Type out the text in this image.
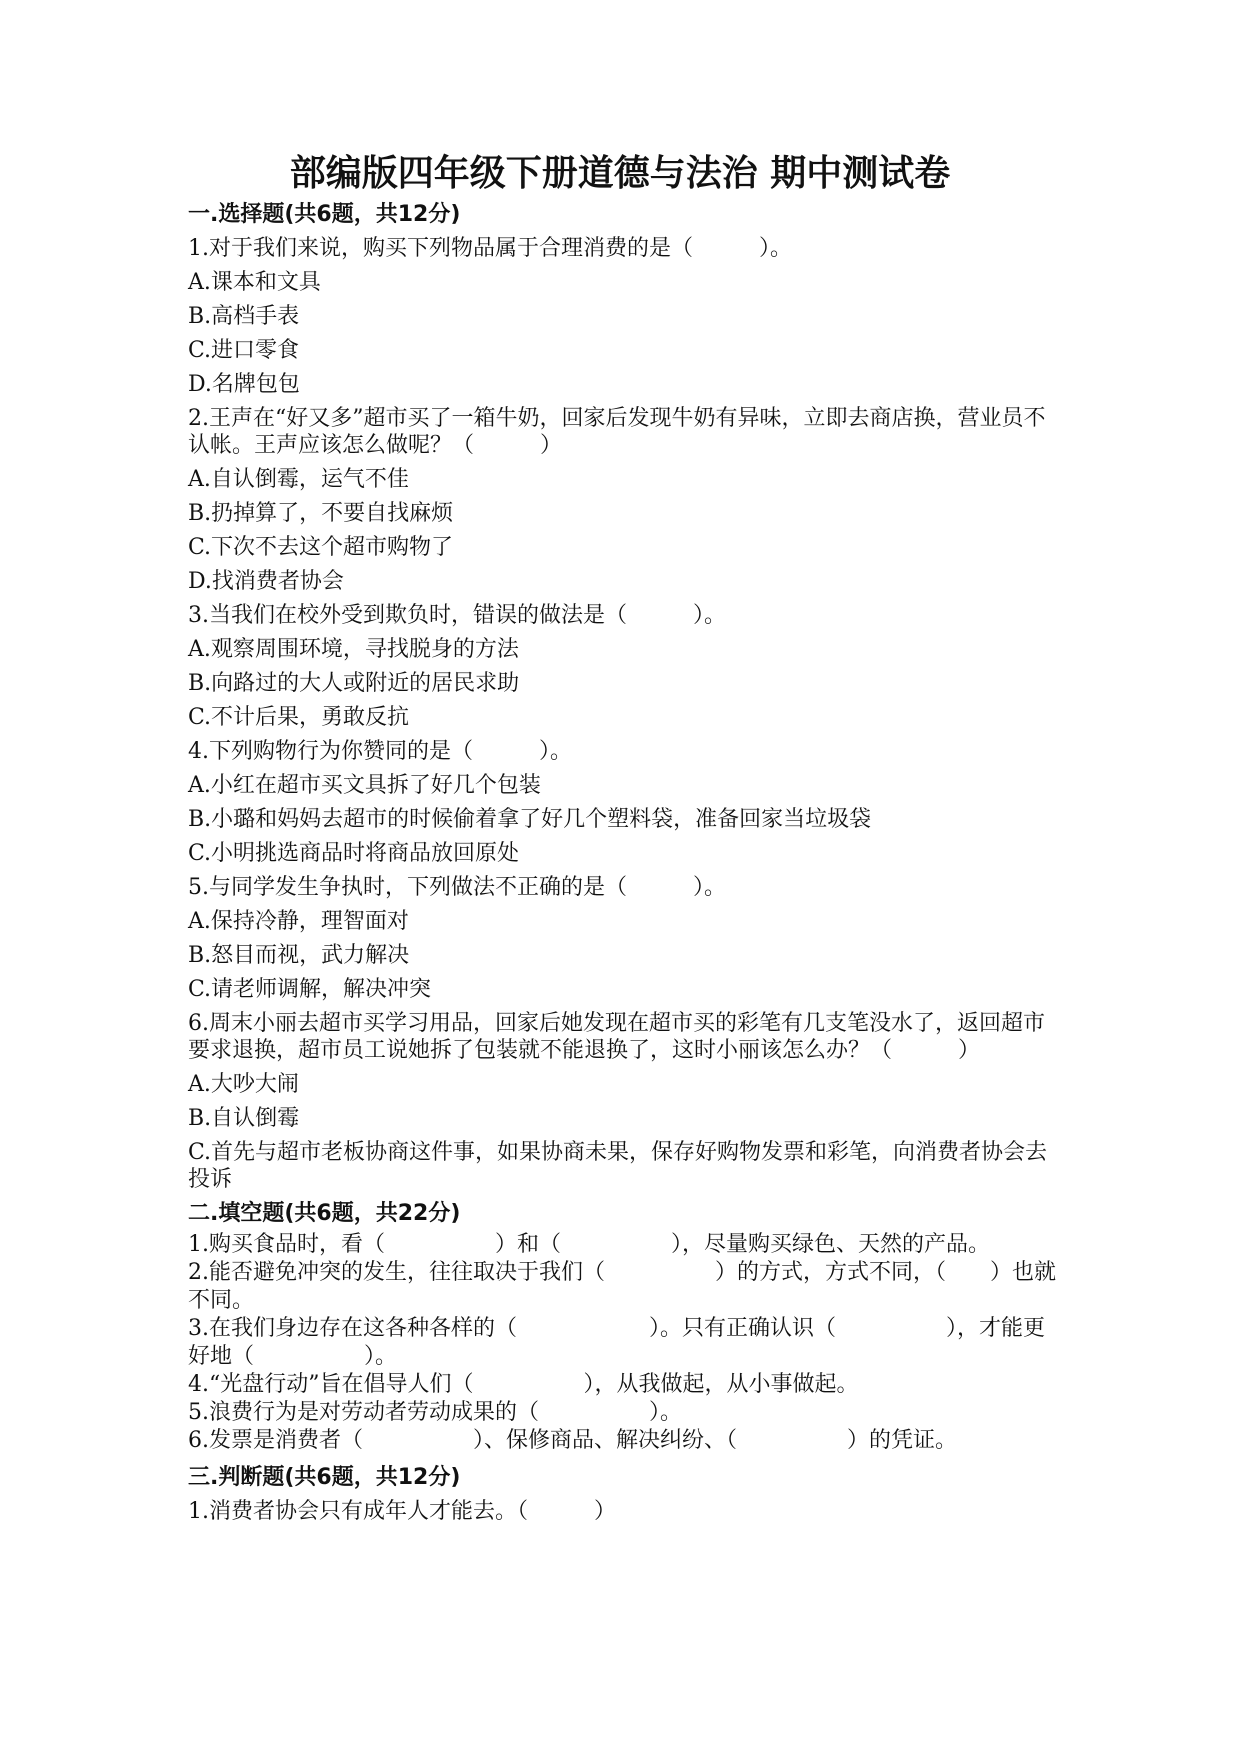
部编版四年级下册道德与法治 期中测试卷
一.选择题(共6题，共12分)
1.对于我们来说，购买下列物品属于合理消费的是（　　　）。
A.课本和文具
B.高档手表
C.进口零食
D.名牌包包
2.王声在“好又多”超市买了一箱牛奶，回家后发现牛奶有异味，立即去商店换，营业员不认帐。王声应该怎么做呢？（　　　）
A.自认倒霉，运气不佳
B.扔掉算了，不要自找麻烦
C.下次不去这个超市购物了
D.找消费者协会
3.当我们在校外受到欺负时，错误的做法是（　　　）。
A.观察周围环境，寻找脱身的方法
B.向路过的大人或附近的居民求助
C.不计后果，勇敢反抗
4.下列购物行为你赞同的是（　　　）。
A.小红在超市买文具拆了好几个包装
B.小璐和妈妈去超市的时候偷着拿了好几个塑料袋，准备回家当垃圾袋
C.小明挑选商品时将商品放回原处
5.与同学发生争执时，下列做法不正确的是（　　　）。
A.保持冷静，理智面对
B.怒目而视，武力解决
C.请老师调解，解决冲突
6.周末小丽去超市买学习用品，回家后她发现在超市买的彩笔有几支笔没水了，返回超市要求退换，超市员工说她拆了包装就不能退换了，这时小丽该怎么办？（　　　）
A.大吵大闹
B.自认倒霉
C.首先与超市老板协商这件事，如果协商未果，保存好购物发票和彩笔，向消费者协会去投诉
二.填空题(共6题，共22分)
1.购买食品时，看（　　　　　）和（　　　　　），尽量购买绿色、天然的产品。
2.能否避免冲突的发生，往往取决于我们（　　　　　）的方式，方式不同，（　　）也就不同。
3.在我们身边存在这各种各样的（　　　　　　）。只有正确认识（　　　　　），才能更好地（　　　　　）。
4.“光盘行动”旨在倡导人们（　　　　　），从我做起，从小事做起。
5.浪费行为是对劳动者劳动成果的（　　　　　）。
6.发票是消费者（　　　　　）、保修商品、解决纠纷、（　　　　　）的凭证。
三.判断题(共6题，共12分)
1.消费者协会只有成年人才能去。（　　　）
